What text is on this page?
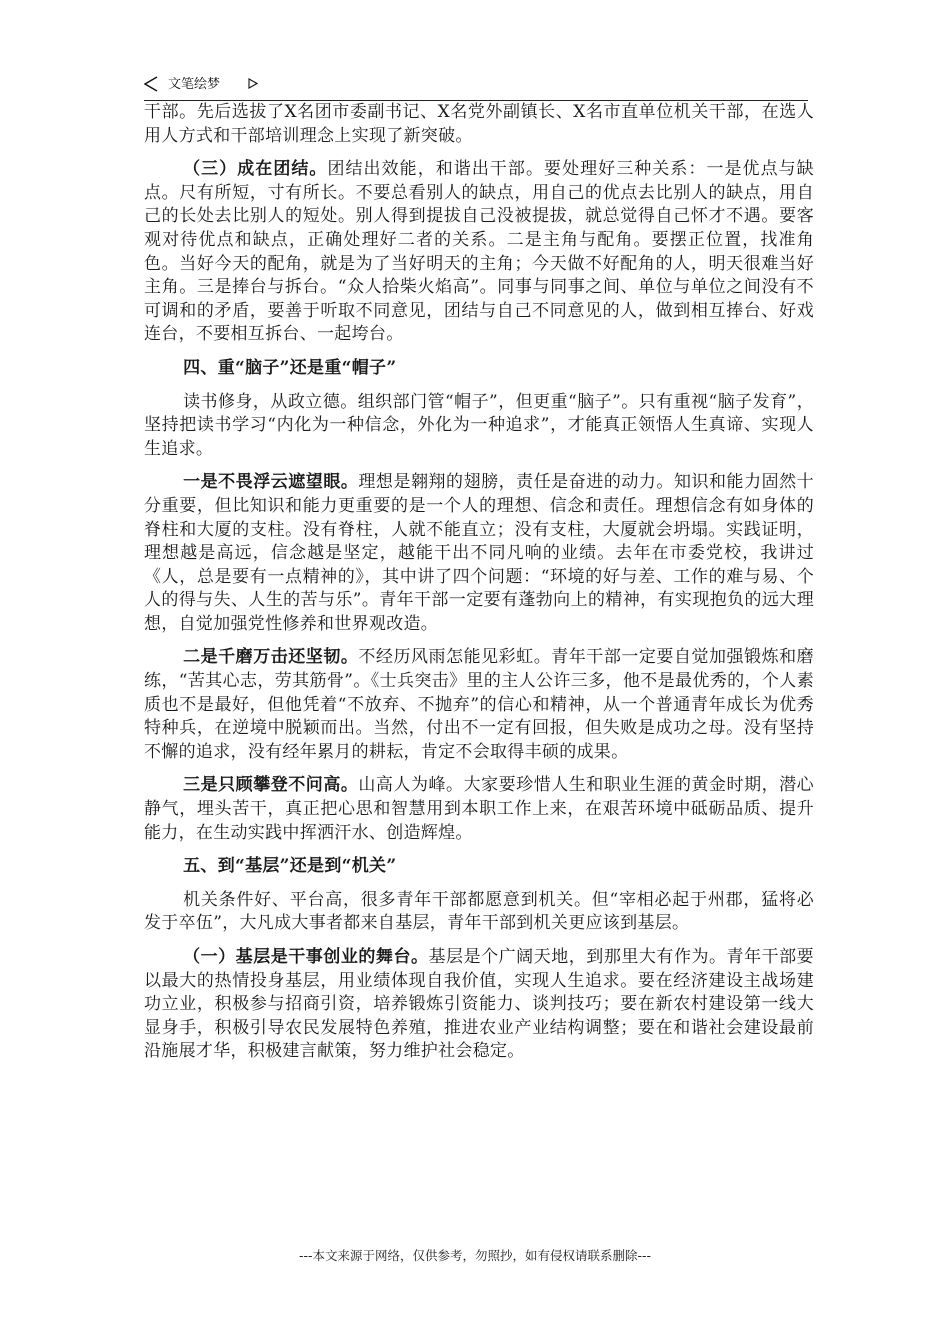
文笔绘梦

干部。先后选拔了X名团市委副书记、X名党外副镇长、X名市直单位机关干部，在选人用人方式和干部培训理念上实现了新突破。

（三）成在团结。团结出效能，和谐出干部。要处理好三种关系：一是优点与缺点。尺有所短，寸有所长。不要总看别人的缺点，用自己的优点去比别人的缺点，用自己的长处去比别人的短处。别人得到提拔自己没被提拔，就总觉得自己怀才不遇。要客观对待优点和缺点，正确处理好二者的关系。二是主角与配角。要摆正位置，找准角色。当好今天的配角，就是为了当好明天的主角；今天做不好配角的人，明天很难当好主角。三是捧台与拆台。“众人拾柴火焰高”。同事与同事之间、单位与单位之间没有不可调和的矛盾，要善于听取不同意见，团结与自己不同意见的人，做到相互捧台、好戏连台，不要相互拆台、一起垮台。

四、重“脑子”还是重“帽子”

读书修身，从政立德。组织部门管“帽子”，但更重“脑子”。只有重视“脑子发育”，坚持把读书学习“内化为一种信念，外化为一种追求”，才能真正领悟人生真谛、实现人生追求。

一是不畏浮云遮望眼。理想是翱翔的翅膀，责任是奋进的动力。知识和能力固然十分重要，但比知识和能力更重要的是一个人的理想、信念和责任。理想信念有如身体的脊柱和大厦的支柱。没有脊柱，人就不能直立；没有支柱，大厦就会坍塌。实践证明，理想越是高远，信念越是坚定，越能干出不同凡响的业绩。去年在市委党校，我讲过《人，总是要有一点精神的》，其中讲了四个问题：“环境的好与差、工作的难与易、个人的得与失、人生的苦与乐”。青年干部一定要有蓬勃向上的精神，有实现抱负的远大理想，自觉加强党性修养和世界观改造。

二是千磨万击还坚韧。不经历风雨怎能见彩虹。青年干部一定要自觉加强锻炼和磨练，“苦其心志，劳其筋骨”。《士兵突击》里的主人公许三多，他不是最优秀的，个人素质也不是最好，但他凭着“不放弃、不抛弃”的信心和精神，从一个普通青年成长为优秀特种兵，在逆境中脱颖而出。当然，付出不一定有回报，但失败是成功之母。没有坚持不懈的追求，没有经年累月的耕耘，肯定不会取得丰硕的成果。

三是只顾攀登不问高。山高人为峰。大家要珍惜人生和职业生涯的黄金时期，潜心静气，埋头苦干，真正把心思和智慧用到本职工作上来，在艰苦环境中砥砺品质、提升能力，在生动实践中挥洒汗水、创造辉煌。

五、到“基层”还是到“机关”

机关条件好、平台高，很多青年干部都愿意到机关。但“宰相必起于州郡，猛将必发于卒伍”，大凡成大事者都来自基层，青年干部到机关更应该到基层。

（一）基层是干事创业的舞台。基层是个广阔天地，到那里大有作为。青年干部要以最大的热情投身基层，用业绩体现自我价值，实现人生追求。要在经济建设主战场建功立业，积极参与招商引资，培养锻炼引资能力、谈判技巧；要在新农村建设第一线大显身手，积极引导农民发展特色养殖，推进农业产业结构调整；要在和谐社会建设最前沿施展才华，积极建言献策，努力维护社会稳定。

---本文来源于网络，仅供参考，勿照抄，如有侵权请联系删除---
